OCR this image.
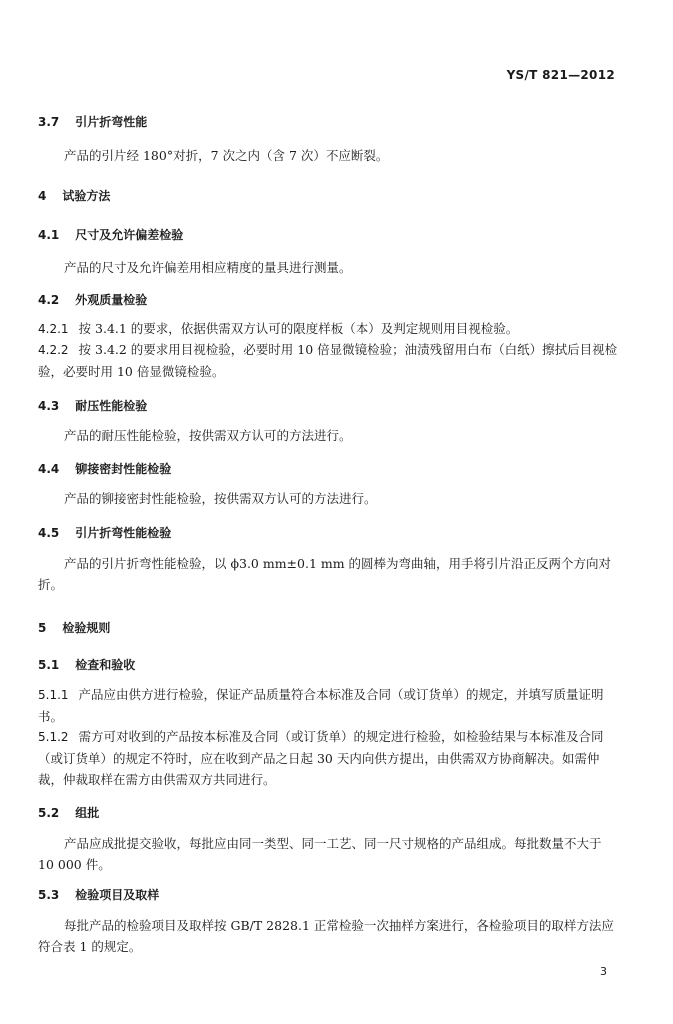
YS/T 821—2012
3.7 引片折弯性能
产品的引片经 180°对折，7 次之内（含 7 次）不应断裂。
4 试验方法
4.1 尺寸及允许偏差检验
产品的尺寸及允许偏差用相应精度的量具进行测量。
4.2 外观质量检验
4.2.1 按 3.4.1 的要求，依据供需双方认可的限度样板（本）及判定规则用目视检验。
4.2.2 按 3.4.2 的要求用目视检验，必要时用 10 倍显微镜检验；油渍残留用白布（白纸）擦拭后目视检验，必要时用 10 倍显微镜检验。
4.3 耐压性能检验
产品的耐压性能检验，按供需双方认可的方法进行。
4.4 铆接密封性能检验
产品的铆接密封性能检验，按供需双方认可的方法进行。
4.5 引片折弯性能检验
产品的引片折弯性能检验，以 ϕ3.0 mm±0.1 mm 的圆棒为弯曲轴，用手将引片沿正反两个方向对折。
5 检验规则
5.1 检查和验收
5.1.1 产品应由供方进行检验，保证产品质量符合本标准及合同（或订货单）的规定，并填写质量证明书。
5.1.2 需方可对收到的产品按本标准及合同（或订货单）的规定进行检验，如检验结果与本标准及合同（或订货单）的规定不符时，应在收到产品之日起 30 天内向供方提出，由供需双方协商解决。如需仲裁，仲裁取样在需方由供需双方共同进行。
5.2 组批
产品应成批提交验收，每批应由同一类型、同一工艺、同一尺寸规格的产品组成。每批数量不大于 10 000 件。
5.3 检验项目及取样
每批产品的检验项目及取样按 GB/T 2828.1 正常检验一次抽样方案进行，各检验项目的取样方法应符合表 1 的规定。
3
